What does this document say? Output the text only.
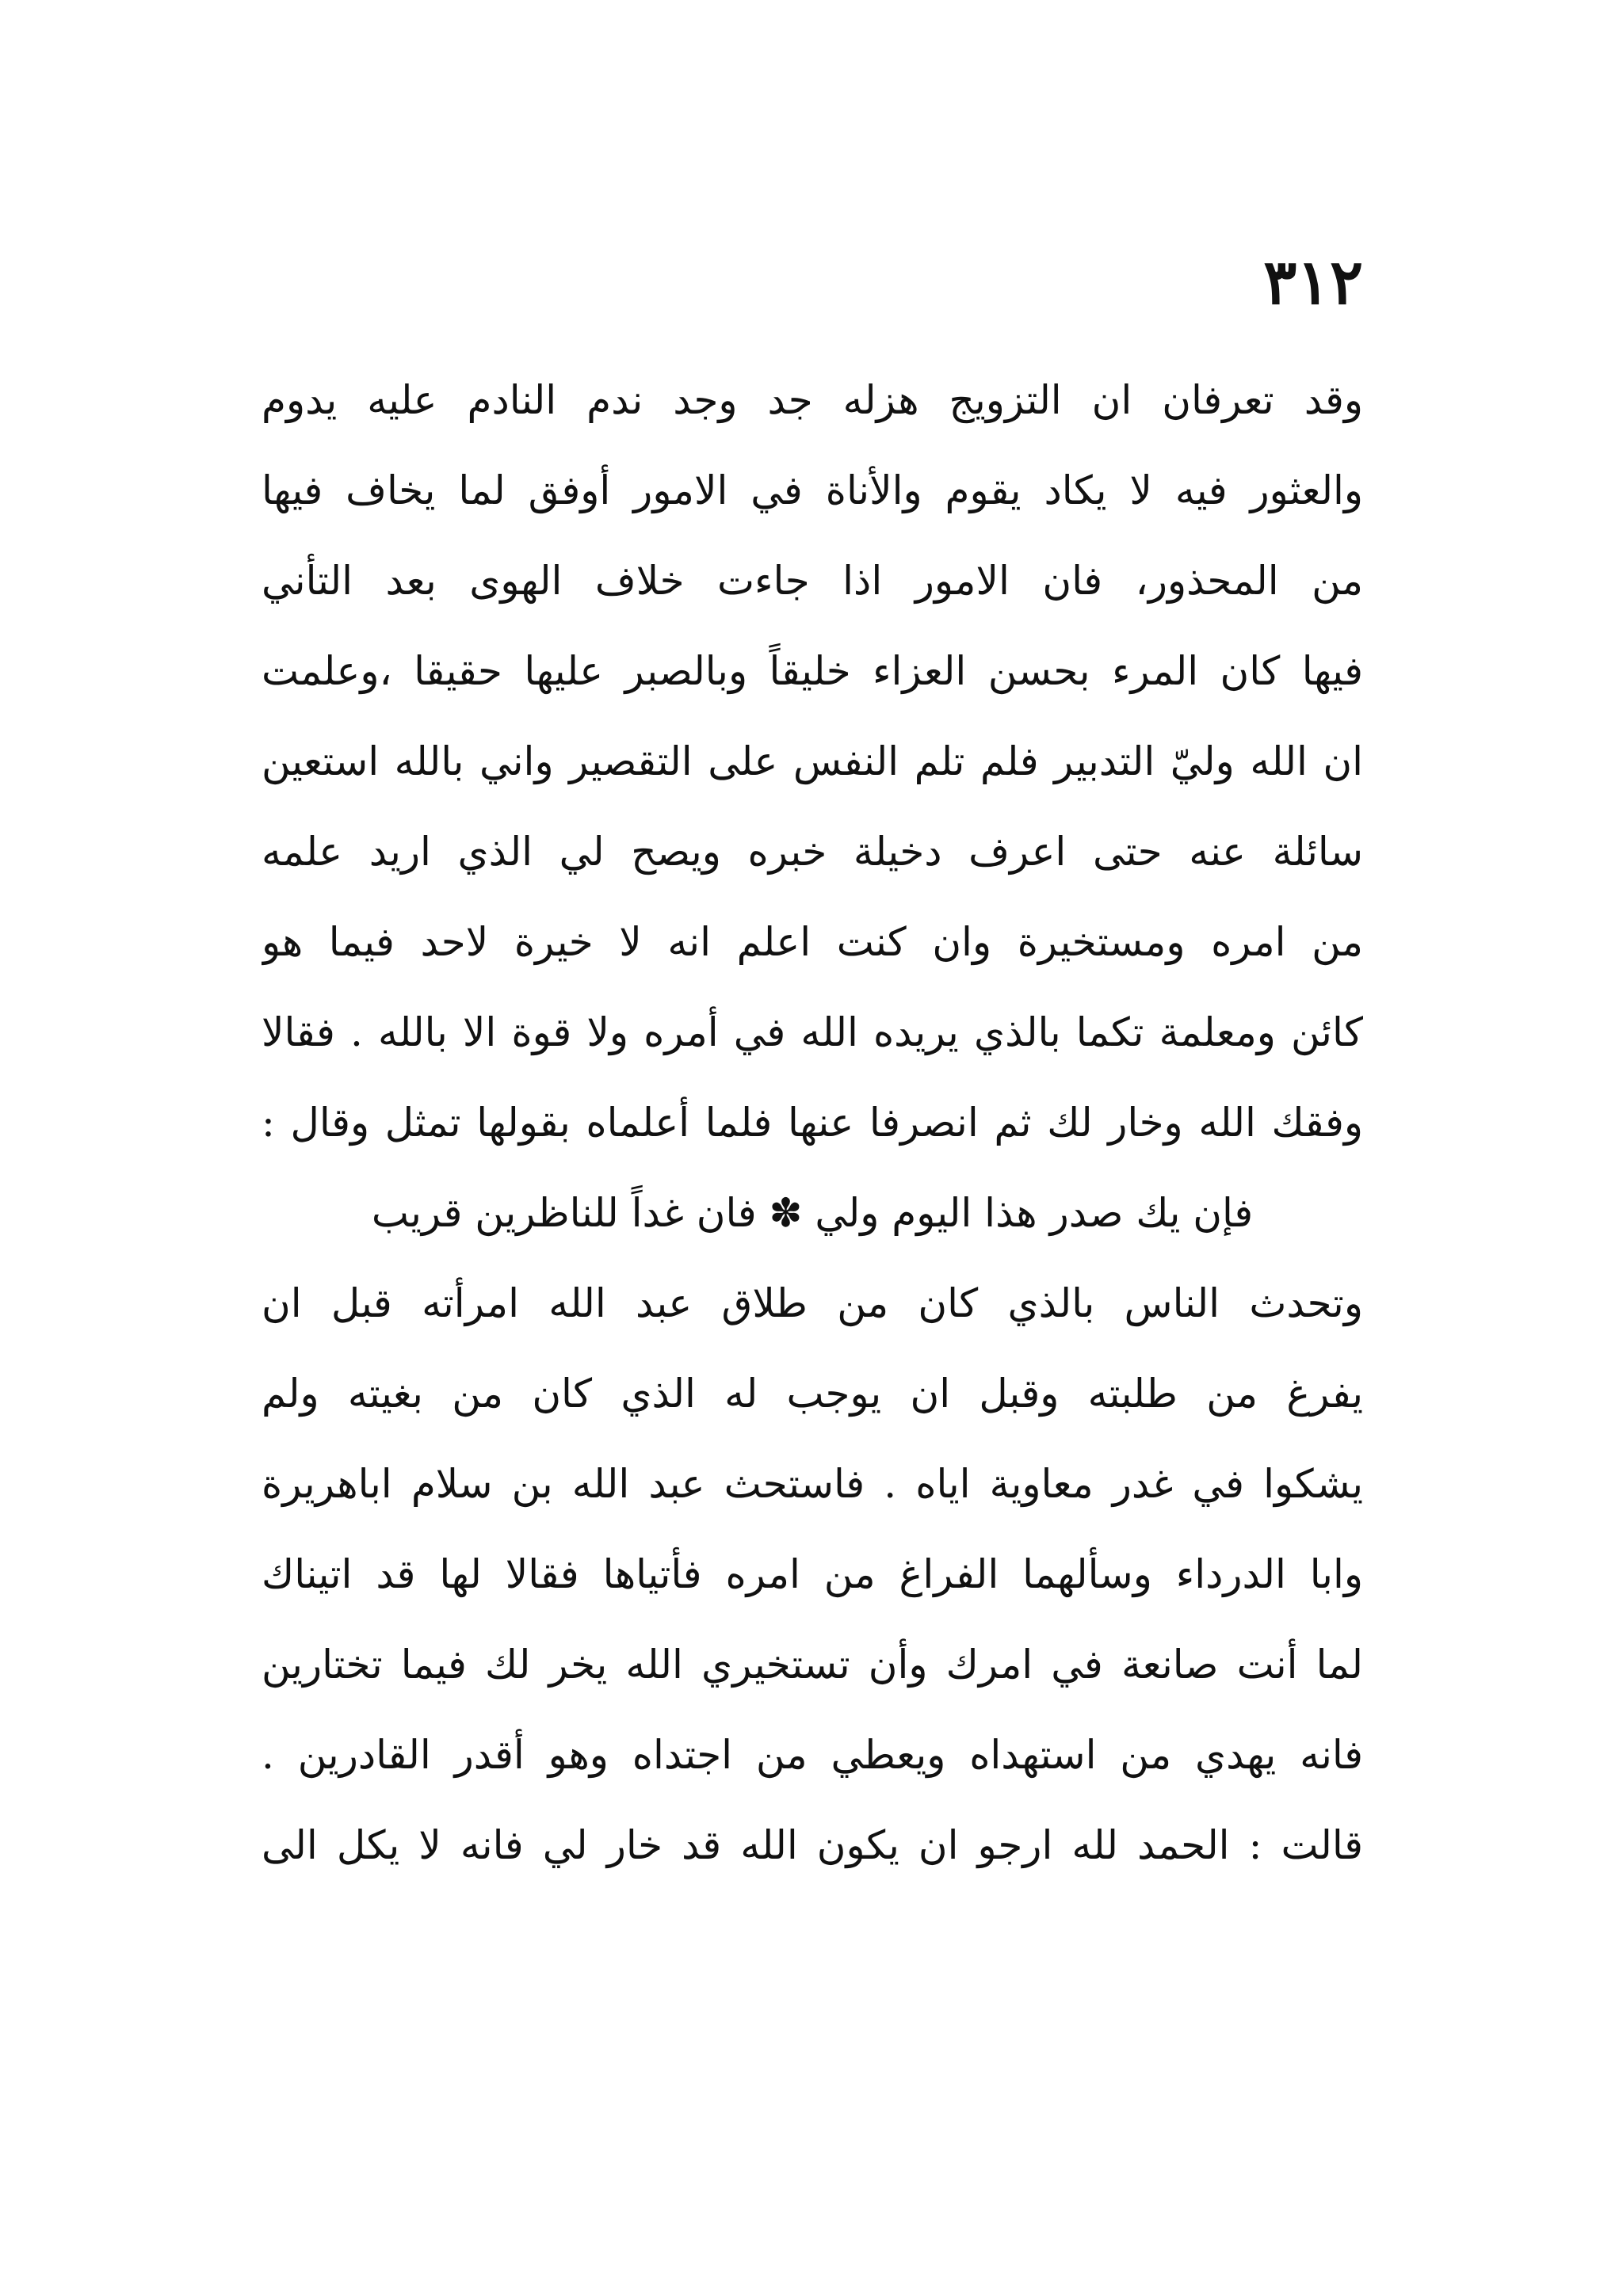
٣١٢
وقد تعرفان ان التزويج هزله جد وجد ندم النادم عليه يدوم
والعثور فيه لا يكاد يقوم والأناة في الامور أوفق لما يخاف فيها
من المحذور، فان الامور اذا جاءت خلاف الهوى بعد التأني
فيها كان المرء بحسن العزاء خليقاً وبالصبر عليها حقيقا ،وعلمت
ان الله وليّ التدبير فلم تلم النفس على التقصير واني بالله استعين
سائلة عنه حتى اعرف دخيلة خبره ويصح لي الذي اريد علمه
من امره ومستخيرة وان كنت اعلم انه لا خيرة لاحد فيما هو
كائن ومعلمة تكما بالذي يريده الله في أمره ولا قوة الا بالله . فقالا
وفقك الله وخار لك ثم انصرفا عنها فلما أعلماه بقولها تمثل وقال :
فإن يك صدر هذا اليوم ولي ✽ فان غداً للناظرين قريب
وتحدث الناس بالذي كان من طلاق عبد الله امرأته قبل ان
يفرغ من طلبته وقبل ان يوجب له الذي كان من بغيته ولم
يشكوا في غدر معاوية اياه . فاستحث عبد الله بن سلام اباهريرة
وابا الدرداء وسألهما الفراغ من امره فأتياها فقالا لها قد اتيناك
لما أنت صانعة في امرك وأن تستخيري الله يخر لك فيما تختارين
فانه يهدي من استهداه ويعطي من اجتداه وهو أقدر القادرين .
قالت : الحمد لله ارجو ان يكون الله قد خار لي فانه لا يكل الى
